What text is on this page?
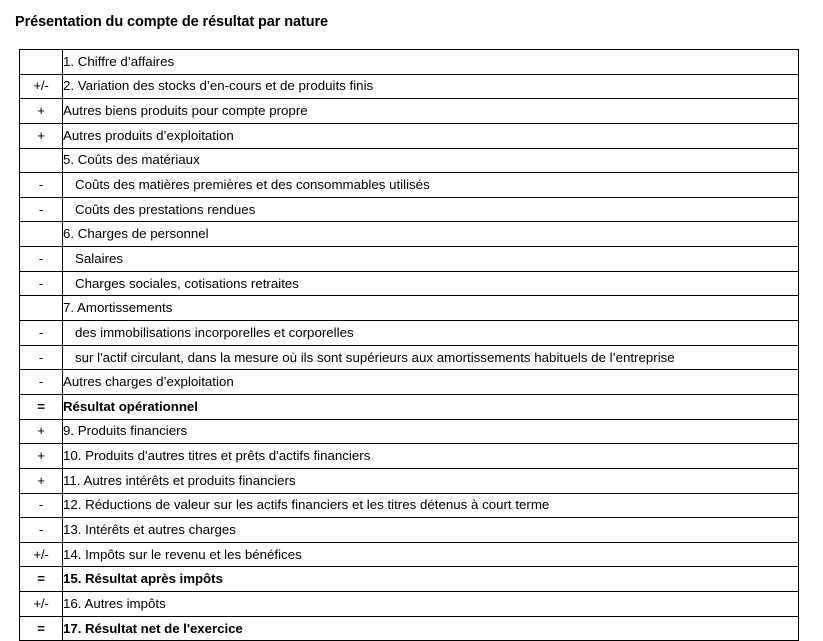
Présentation du compte de résultat par nature
	1. Chiffre d’affaires
+/-	2. Variation des stocks d’en-cours et de produits finis
+	Autres biens produits pour compte propre
+	Autres produits d’exploitation
	5. Coûts des matériaux
-	Coûts des matières premières et des consommables utilisés
-	Coûts des prestations rendues
	6. Charges de personnel
-	Salaires
-	Charges sociales, cotisations retraites
	7. Amortissements
-	des immobilisations incorporelles et corporelles
-	sur l'actif circulant, dans la mesure où ils sont supérieurs aux amortissements habituels de l’entreprise
-	Autres charges d’exploitation
=	Résultat opérationnel
+	9. Produits financiers
+	10. Produits d'autres titres et prêts d'actifs financiers
+	11. Autres intérêts et produits financiers
-	12. Réductions de valeur sur les actifs financiers et les titres détenus à court terme
-	13. Intérêts et autres charges
+/-	14. Impôts sur le revenu et les bénéfices
=	15. Résultat après impôts
+/-	16. Autres impôts
=	17. Résultat net de l'exercice
